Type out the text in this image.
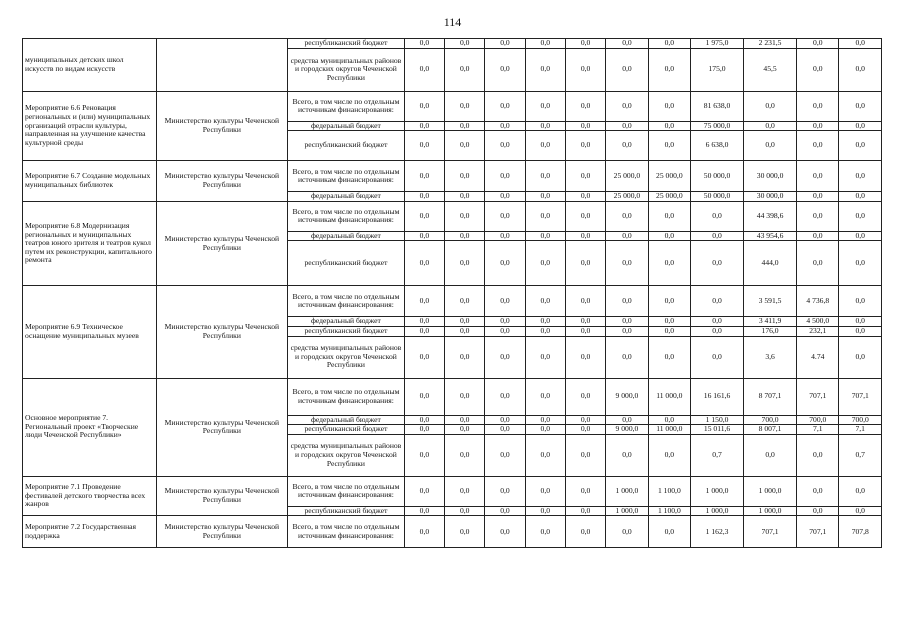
114
муниципальных детских школ искусств по видам искусств		республиканский бюджет	0,0	0,0	0,0	0,0	0,0	0,0	0,0	1 975,0	2 231,5	0,0	0,0
		средства муниципальных районов и городских округов Чеченской Республики	0,0	0,0	0,0	0,0	0,0	0,0	0,0	175,0	45,5	0,0	0,0
Мероприятие 6.6 Реновация региональных и (или) муниципальных организаций отрасли культуры, направленная на улучшение качества культурной среды	Министерство культуры Чеченской Республики	Всего, в том числе по отдельным источникам финансирования:	0,0	0,0	0,0	0,0	0,0	0,0	0,0	81 638,0	0,0	0,0	0,0
		федеральный бюджет	0,0	0,0	0,0	0,0	0,0	0,0	0,0	75 000,0	0,0	0,0	0,0
		республиканский бюджет	0,0	0,0	0,0	0,0	0,0	0,0	0,0	6 638,0	0,0	0,0	0,0
Мероприятие 6.7 Создание модельных муниципальных библиотек	Министерство культуры Чеченской Республики	Всего, в том числе по отдельным источникам финансирования:	0,0	0,0	0,0	0,0	0,0	25 000,0	25 000,0	50 000,0	30 000,0	0,0	0,0
		федеральный бюджет	0,0	0,0	0,0	0,0	0,0	25 000,0	25 000,0	50 000,0	30 000,0	0,0	0,0
Мероприятие 6.8 Модернизация региональных и муниципальных театров юного зрителя и театров кукол путем их реконструкции, капитального ремонта	Министерство культуры Чеченской Республики	Всего, в том числе по отдельным источникам финансирования:	0,0	0,0	0,0	0,0	0,0	0,0	0,0	0,0	44 398,6	0,0	0,0
		федеральный бюджет	0,0	0,0	0,0	0,0	0,0	0,0	0,0	0,0	43 954,6	0,0	0,0
		республиканский бюджет	0,0	0,0	0,0	0,0	0,0	0,0	0,0	0,0	444,0	0,0	0,0
Мероприятие 6.9 Техническое оснащение муниципальных музеев	Министерство культуры Чеченской Республики	Всего, в том числе по отдельным источникам финансирования:	0,0	0,0	0,0	0,0	0,0	0,0	0,0	0,0	3 591,5	4 736,8	0,0
		федеральный бюджет	0,0	0,0	0,0	0,0	0,0	0,0	0,0	0,0	3 411,9	4 500,0	0,0
		республиканский бюджет	0,0	0,0	0,0	0,0	0,0	0,0	0,0	0,0	176,0	232,1	0,0
		средства муниципальных районов и городских округов Чеченской Республики	0,0	0,0	0,0	0,0	0,0	0,0	0,0	0,0	3,6	4.74	0,0
Основное мероприятие 7. Региональный проект «Творческие люди Чеченской Республики»	Министерство культуры Чеченской Республики	Всего, в том числе по отдельным источникам финансирования:	0,0	0,0	0,0	0,0	0,0	9 000,0	11 000,0	16 161,6	8 707,1	707,1	707,1
		федеральный бюджет	0,0	0,0	0,0	0,0	0,0	0,0	0,0	1 150,0	700,0	700,0	700,0
		республиканский бюджет	0,0	0,0	0,0	0,0	0,0	9 000,0	11 000,0	15 011,6	8 007,1	7,1	7,1
		средства муниципальных районов и городских округов Чеченской Республики	0,0	0,0	0,0	0,0	0,0	0,0	0,0	0,7	0,0	0,0	0,7
Мероприятие 7.1 Проведение фестивалей детского творчества всех жанров	Министерство культуры Чеченской Республики	Всего, в том числе по отдельным источникам финансирования:	0,0	0,0	0,0	0,0	0,0	1 000,0	1 100,0	1 000,0	1 000,0	0,0	0,0
		республиканский бюджет	0,0	0,0	0,0	0,0	0,0	1 000,0	1 100,0	1 000,0	1 000,0	0,0	0,0
Мероприятие 7.2 Государственная поддержка	Министерство культуры Чеченской Республики	Всего, в том числе по отдельным источникам финансирования:	0,0	0,0	0,0	0,0	0,0	0,0	0,0	1 162,3	707,1	707,1	707,8
